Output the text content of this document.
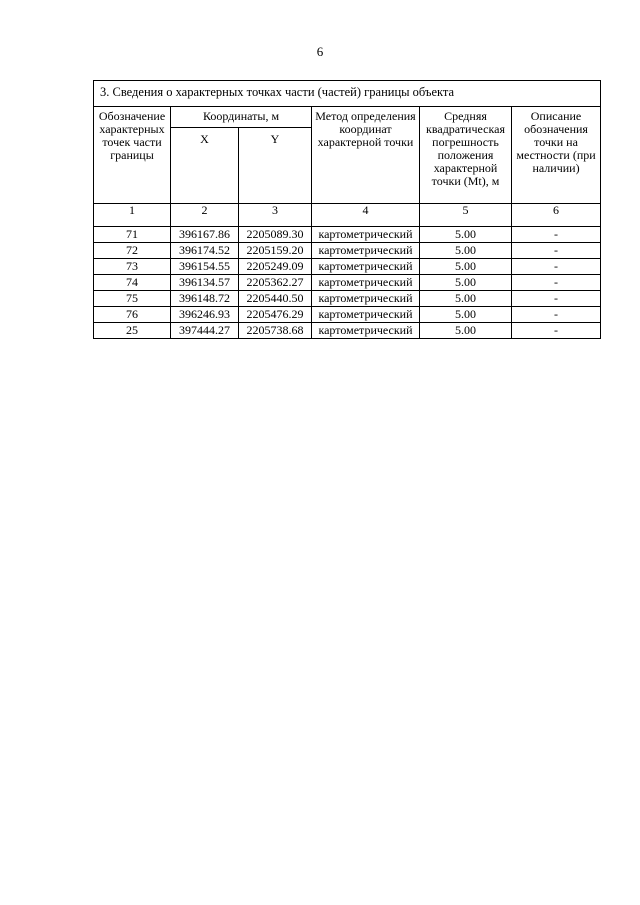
6
3. Сведения о характерных точках части (частей) границы объекта					
Обозначение характерных точек части границы	Координаты, м		Метод определения координат характерной точки	Средняя квадратическая погрешность положения характерной точки (Mt), м	Описание обозначения точки на местности (при наличии)
	X	Y			
1	2	3	4	5	6
71	396167.86	2205089.30	картометрический	5.00	-
72	396174.52	2205159.20	картометрический	5.00	-
73	396154.55	2205249.09	картометрический	5.00	-
74	396134.57	2205362.27	картометрический	5.00	-
75	396148.72	2205440.50	картометрический	5.00	-
76	396246.93	2205476.29	картометрический	5.00	-
25	397444.27	2205738.68	картометрический	5.00	-
